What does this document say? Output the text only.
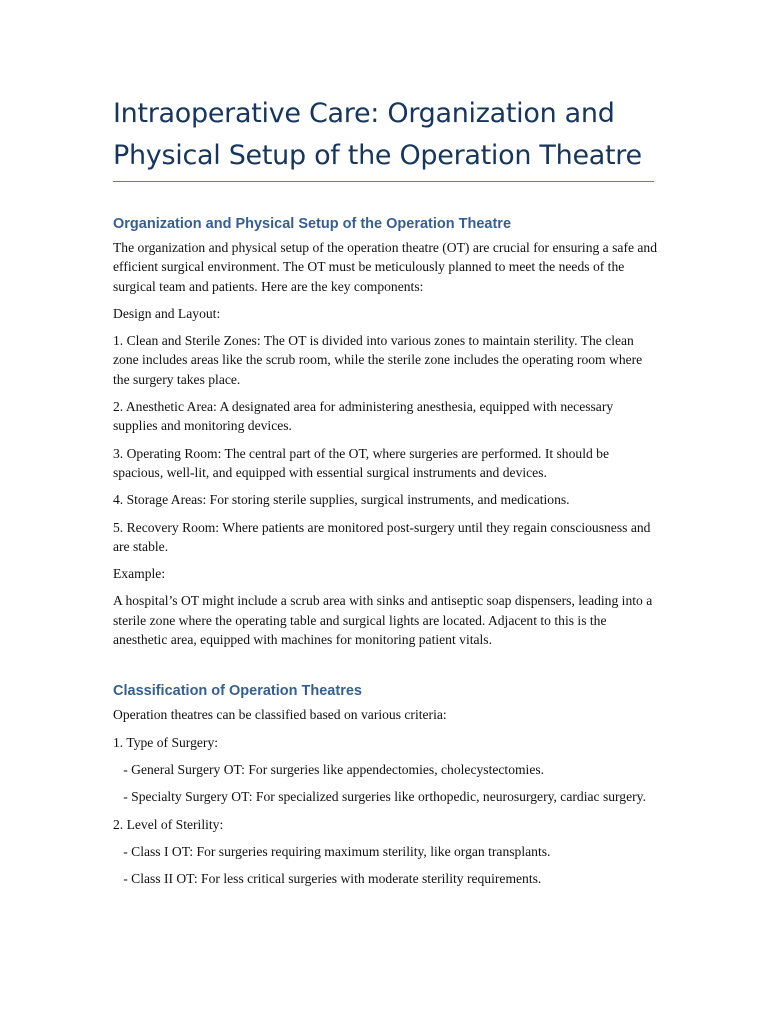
Intraoperative Care: Organization and Physical Setup of the Operation Theatre
Organization and Physical Setup of the Operation Theatre

The organization and physical setup of the operation theatre (OT) are crucial for ensuring a safe and efficient surgical environment. The OT must be meticulously planned to meet the needs of the surgical team and patients. Here are the key components:

Design and Layout:

1. Clean and Sterile Zones: The OT is divided into various zones to maintain sterility. The clean zone includes areas like the scrub room, while the sterile zone includes the operating room where the surgery takes place.

2. Anesthetic Area: A designated area for administering anesthesia, equipped with necessary supplies and monitoring devices.

3. Operating Room: The central part of the OT, where surgeries are performed. It should be spacious, well-lit, and equipped with essential surgical instruments and devices.

4. Storage Areas: For storing sterile supplies, surgical instruments, and medications.

5. Recovery Room: Where patients are monitored post-surgery until they regain consciousness and are stable.

Example:

A hospital’s OT might include a scrub area with sinks and antiseptic soap dispensers, leading into a sterile zone where the operating table and surgical lights are located. Adjacent to this is the anesthetic area, equipped with machines for monitoring patient vitals.

Classification of Operation Theatres

Operation theatres can be classified based on various criteria:

1. Type of Surgery:

- General Surgery OT: For surgeries like appendectomies, cholecystectomies.

- Specialty Surgery OT: For specialized surgeries like orthopedic, neurosurgery, cardiac surgery.

2. Level of Sterility:

- Class I OT: For surgeries requiring maximum sterility, like organ transplants.

- Class II OT: For less critical surgeries with moderate sterility requirements.
